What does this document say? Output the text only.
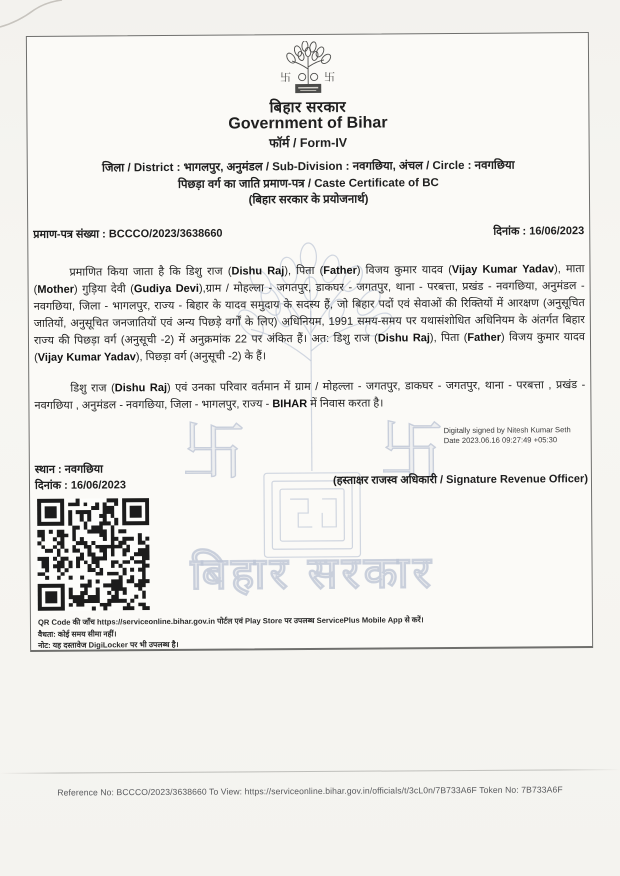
卐 卐
बिहार सरकार
卐	卐
बिहार सरकार
Government of Bihar
फॉर्म / Form-IV
जिला / District : भागलपुर, अनुमंडल / Sub-Division : नवगछिया, अंचल / Circle : नवगछिया
पिछड़ा वर्ग का जाति प्रमाण-पत्र / Caste Certificate of BC
(बिहार सरकार के प्रयोजनार्थ)
प्रमाण-पत्र संख्या : BCCCO/2023/3638660	दिनांक : 16/06/2023
प्रमाणित किया जाता है कि डिशु राज (Dishu Raj), पिता (Father) विजय कुमार यादव (Vijay Kumar Yadav), माता (Mother) गुड़िया देवी (Gudiya Devi),ग्राम / मोहल्ला - जगतपुर, डाकघर - जगतपुर, थाना - परबत्ता, प्रखंड - नवगछिया, अनुमंडल - नवगछिया, जिला - भागलपुर, राज्य - बिहार के यादव समुदाय के सदस्य हैं, जो बिहार पदों एवं सेवाओं की रिक्तियों में आरक्षण (अनुसूचित जातियों, अनुसूचित जनजातियों एवं अन्य पिछड़े वर्गों के लिए) अधिनियम, 1991 समय-समय पर यथासंशोधित अधिनियम के अंतर्गत बिहार राज्य की पिछड़ा वर्ग (अनुसूची -2) में अनुक्रमांक 22 पर अंकित हैं। अत: डिशु राज (Dishu Raj), पिता (Father) विजय कुमार यादव (Vijay Kumar Yadav), पिछड़ा वर्ग (अनुसूची -2) के हैं।
डिशु राज (Dishu Raj) एवं उनका परिवार वर्तमान में ग्राम / मोहल्ला - जगतपुर, डाकघर - जगतपुर, थाना - परबत्ता , प्रखंड - नवगछिया , अनुमंडल - नवगछिया, जिला - भागलपुर, राज्य - BIHAR में निवास करता है।
Digitally signed by Nitesh Kumar Seth
Date 2023.06.16 09:27:49 +05:30
स्थान : नवगछिया
दिनांक : 16/06/2023	(हस्ताक्षर राजस्व अधिकारी / Signature Revenue Officer)
QR Code की जाँच https://serviceonline.bihar.gov.in पोर्टल एवं Play Store पर उपलब्ध ServicePlus Mobile App से करें।
वैधता: कोई समय सीमा नहीं।
नोट: यह दस्तावेज DigiLocker पर भी उपलब्ध है।
Reference No: BCCCO/2023/3638660 To View: https://serviceonline.bihar.gov.in/officials/t/3cL0n/7B733A6F Token No: 7B733A6F
